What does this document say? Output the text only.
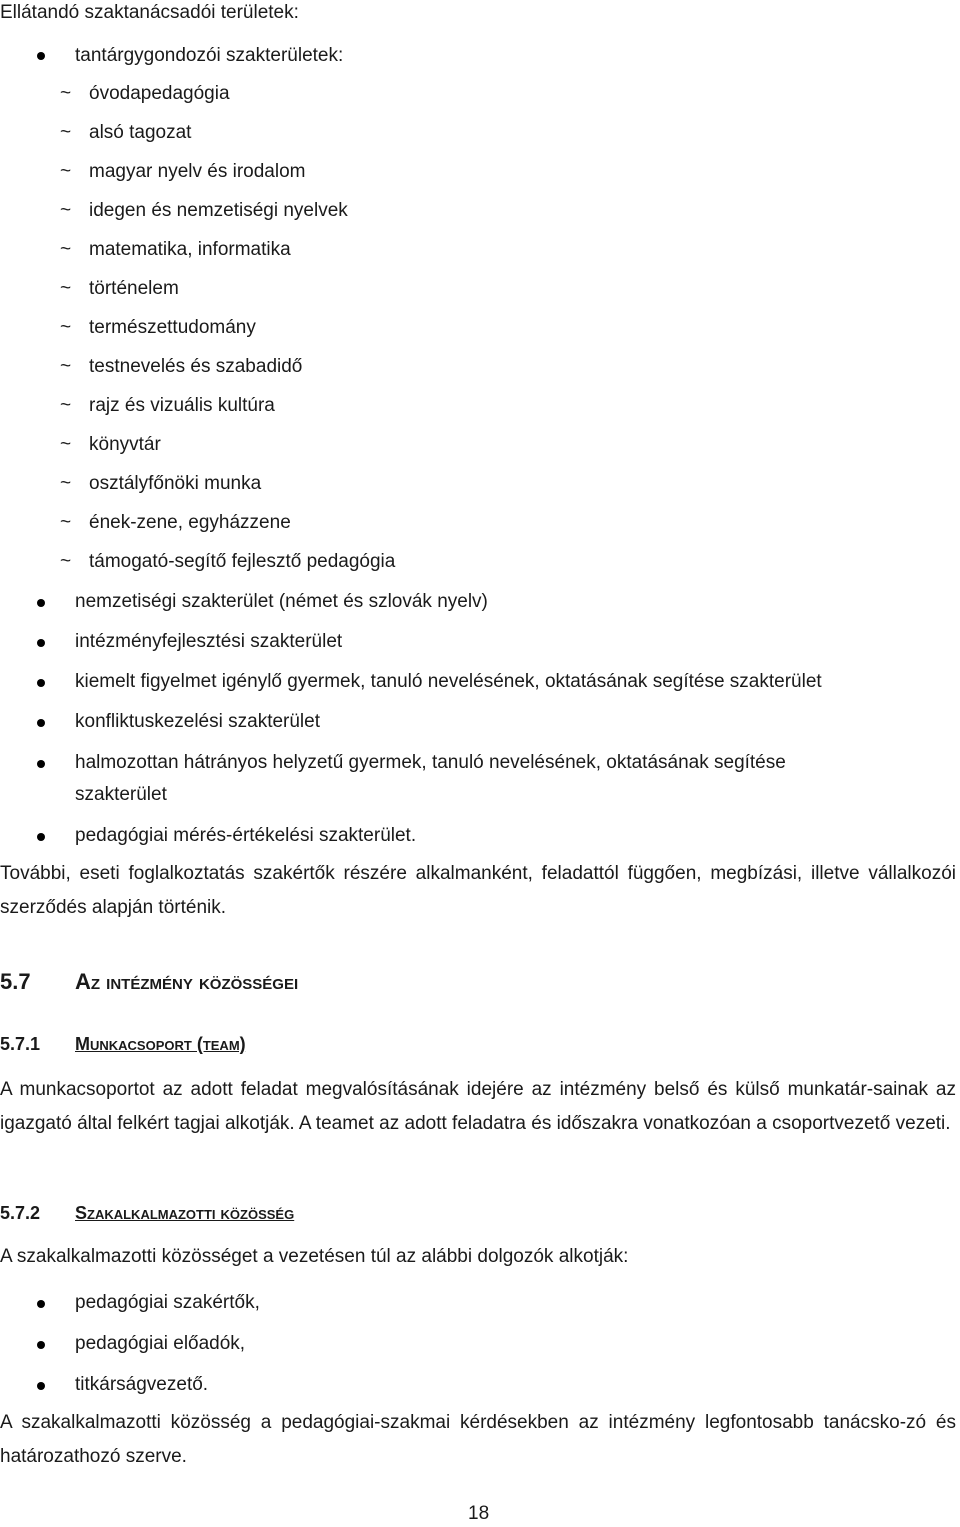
Ellátandó szaktanácsadói területek:
tantárgygondozói szakterületek:
~ óvodapedagógia
~ alsó tagozat
~ magyar nyelv és irodalom
~ idegen és nemzetiségi nyelvek
~ matematika, informatika
~ történelem
~ természettudomány
~ testnevelés és szabadidő
~ rajz és vizuális kultúra
~ könyvtár
~ osztályfőnöki munka
~ ének-zene, egyházzene
~ támogató-segítő fejlesztő pedagógia
nemzetiségi szakterület (német és szlovák nyelv)
intézményfejlesztési szakterület
kiemelt figyelmet igénylő gyermek, tanuló nevelésének, oktatásának segítése szakterület
konfliktuskezelési szakterület
halmozottan hátrányos helyzetű gyermek, tanuló nevelésének, oktatásának segítése
szakterület
pedagógiai mérés-értékelési szakterület.
További, eseti foglalkoztatás szakértők részére alkalmanként, feladattól függően, megbízási, illetve vállalkozói szerződés alapján történik.
5.7 Az intézmény közösségei
5.7.1 Munkacsoport (team)
A munkacsoportot az adott feladat megvalósításának idejére az intézmény belső és külső munkatár-sainak az igazgató által felkért tagjai alkotják. A teamet az adott feladatra és időszakra vonatkozóan a csoportvezető vezeti.
5.7.2 Szakalkalmazotti közösség
A szakalkalmazotti közösséget a vezetésen túl az alábbi dolgozók alkotják:
pedagógiai szakértők,
pedagógiai előadók,
titkárságvezető.
A szakalkalmazotti közösség a pedagógiai-szakmai kérdésekben az intézmény legfontosabb tanácsko-zó és határozathozó szerve.
18
